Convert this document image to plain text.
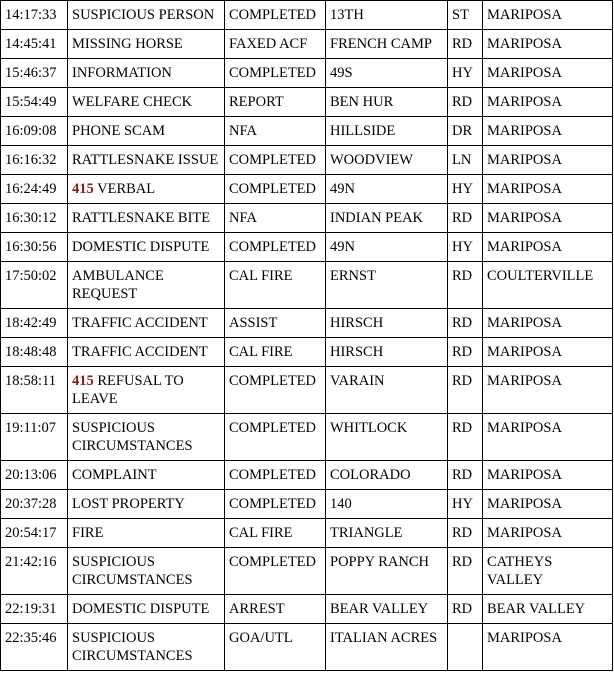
14:17:33	SUSPICIOUS PERSON	COMPLETED	13TH	ST	MARIPOSA
14:45:41	MISSING HORSE	FAXED ACF	FRENCH CAMP	RD	MARIPOSA
15:46:37	INFORMATION	COMPLETED	49S	HY	MARIPOSA
15:54:49	WELFARE CHECK	REPORT	BEN HUR	RD	MARIPOSA
16:09:08	PHONE SCAM	NFA	HILLSIDE	DR	MARIPOSA
16:16:32	RATTLESNAKE ISSUE	COMPLETED	WOODVIEW	LN	MARIPOSA
16:24:49	415 VERBAL	COMPLETED	49N	HY	MARIPOSA
16:30:12	RATTLESNAKE BITE	NFA	INDIAN PEAK	RD	MARIPOSA
16:30:56	DOMESTIC DISPUTE	COMPLETED	49N	HY	MARIPOSA
17:50:02	AMBULANCE REQUEST	CAL FIRE	ERNST	RD	COULTERVILLE
18:42:49	TRAFFIC ACCIDENT	ASSIST	HIRSCH	RD	MARIPOSA
18:48:48	TRAFFIC ACCIDENT	CAL FIRE	HIRSCH	RD	MARIPOSA
18:58:11	415 REFUSAL TO LEAVE	COMPLETED	VARAIN	RD	MARIPOSA
19:11:07	SUSPICIOUS CIRCUMSTANCES	COMPLETED	WHITLOCK	RD	MARIPOSA
20:13:06	COMPLAINT	COMPLETED	COLORADO	RD	MARIPOSA
20:37:28	LOST PROPERTY	COMPLETED	140	HY	MARIPOSA
20:54:17	FIRE	CAL FIRE	TRIANGLE	RD	MARIPOSA
21:42:16	SUSPICIOUS CIRCUMSTANCES	COMPLETED	POPPY RANCH	RD	CATHEYS VALLEY
22:19:31	DOMESTIC DISPUTE	ARREST	BEAR VALLEY	RD	BEAR VALLEY
22:35:46	SUSPICIOUS CIRCUMSTANCES	GOA/UTL	ITALIAN ACRES		MARIPOSA
